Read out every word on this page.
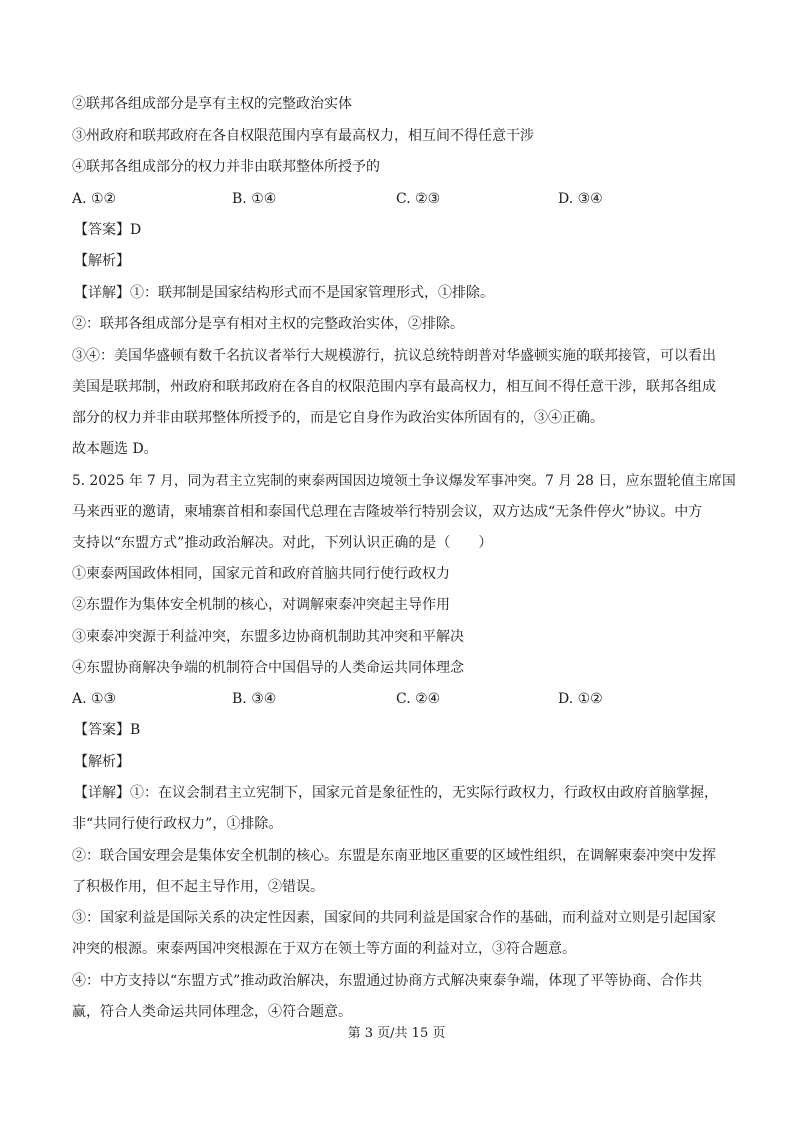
②联邦各组成部分是享有主权的完整政治实体
③州政府和联邦政府在各自权限范围内享有最高权力，相互间不得任意干涉
④联邦各组成部分的权力并非由联邦整体所授予的
A. ①②	B. ①④	C. ②③	D. ③④
【答案】D
【解析】
【详解】①：联邦制是国家结构形式而不是国家管理形式，①排除。
②：联邦各组成部分是享有相对主权的完整政治实体，②排除。
③④：美国华盛顿有数千名抗议者举行大规模游行，抗议总统特朗普对华盛顿实施的联邦接管，可以看出
美国是联邦制，州政府和联邦政府在各自的权限范围内享有最高权力，相互间不得任意干涉，联邦各组成
部分的权力并非由联邦整体所授予的，而是它自身作为政治实体所固有的，③④正确。
故本题选 D。
5. 2025 年 7 月，同为君主立宪制的柬泰两国因边境领土争议爆发军事冲突。7 月 28 日，应东盟轮值主席国
马来西亚的邀请，柬埔寨首相和泰国代总理在吉隆坡举行特别会议，双方达成“无条件停火”协议。中方
支持以“东盟方式”推动政治解决。对此，下列认识正确的是（　　）
①柬泰两国政体相同，国家元首和政府首脑共同行使行政权力
②东盟作为集体安全机制的核心，对调解柬泰冲突起主导作用
③柬泰冲突源于利益冲突，东盟多边协商机制助其冲突和平解决
④东盟协商解决争端的机制符合中国倡导的人类命运共同体理念
A. ①③	B. ③④	C. ②④	D. ①②
【答案】B
【解析】
【详解】①：在议会制君主立宪制下，国家元首是象征性的，无实际行政权力，行政权由政府首脑掌握，
非“共同行使行政权力”，①排除。
②：联合国安理会是集体安全机制的核心。东盟是东南亚地区重要的区域性组织，在调解柬泰冲突中发挥
了积极作用，但不起主导作用，②错误。
③：国家利益是国际关系的决定性因素，国家间的共同利益是国家合作的基础，而利益对立则是引起国家
冲突的根源。柬泰两国冲突根源在于双方在领土等方面的利益对立，③符合题意。
④：中方支持以“东盟方式”推动政治解决，东盟通过协商方式解决柬泰争端，体现了平等协商、合作共
赢，符合人类命运共同体理念，④符合题意。
第 3 页/共 15 页
